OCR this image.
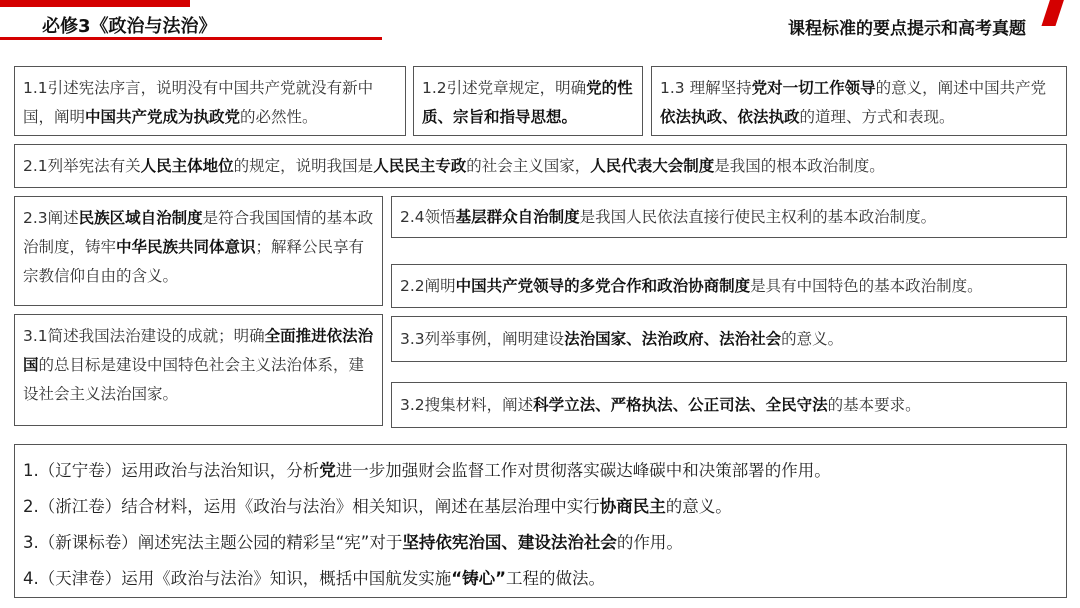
必修3《政治与法治》	课程标准的要点提示和高考真题
1.1引述宪法序言，说明没有中国共产党就没有新中国，阐明中国共产党成为执政党的必然性。
1.2引述党章规定，明确党的性质、宗旨和指导思想。
1.3 理解坚持党对一切工作领导的意义，阐述中国共产党依法执政、依法执政的道理、方式和表现。
2.1列举宪法有关人民主体地位的规定，说明我国是人民民主专政的社会主义国家，人民代表大会制度是我国的根本政治制度。
2.3阐述民族区域自治制度是符合我国国情的基本政治制度，铸牢中华民族共同体意识；解释公民享有宗教信仰自由的含义。
2.4领悟基层群众自治制度是我国人民依法直接行使民主权利的基本政治制度。
2.2阐明中国共产党领导的多党合作和政治协商制度是具有中国特色的基本政治制度。
3.1简述我国法治建设的成就；明确全面推进依法治国的总目标是建设中国特色社会主义法治体系，建设社会主义法治国家。
3.3列举事例，阐明建设法治国家、法治政府、法治社会的意义。
3.2搜集材料，阐述科学立法、严格执法、公正司法、全民守法的基本要求。
1.（辽宁卷）运用政治与法治知识，分析党进一步加强财会监督工作对贯彻落实碳达峰碳中和决策部署的作用。
2.（浙江卷）结合材料，运用《政治与法治》相关知识，阐述在基层治理中实行协商民主的意义。
3.（新课标卷）阐述宪法主题公园的精彩呈“宪”对于坚持依宪治国、建设法治社会的作用。
4.（天津卷）运用《政治与法治》知识，概括中国航发实施“铸心”工程的做法。
